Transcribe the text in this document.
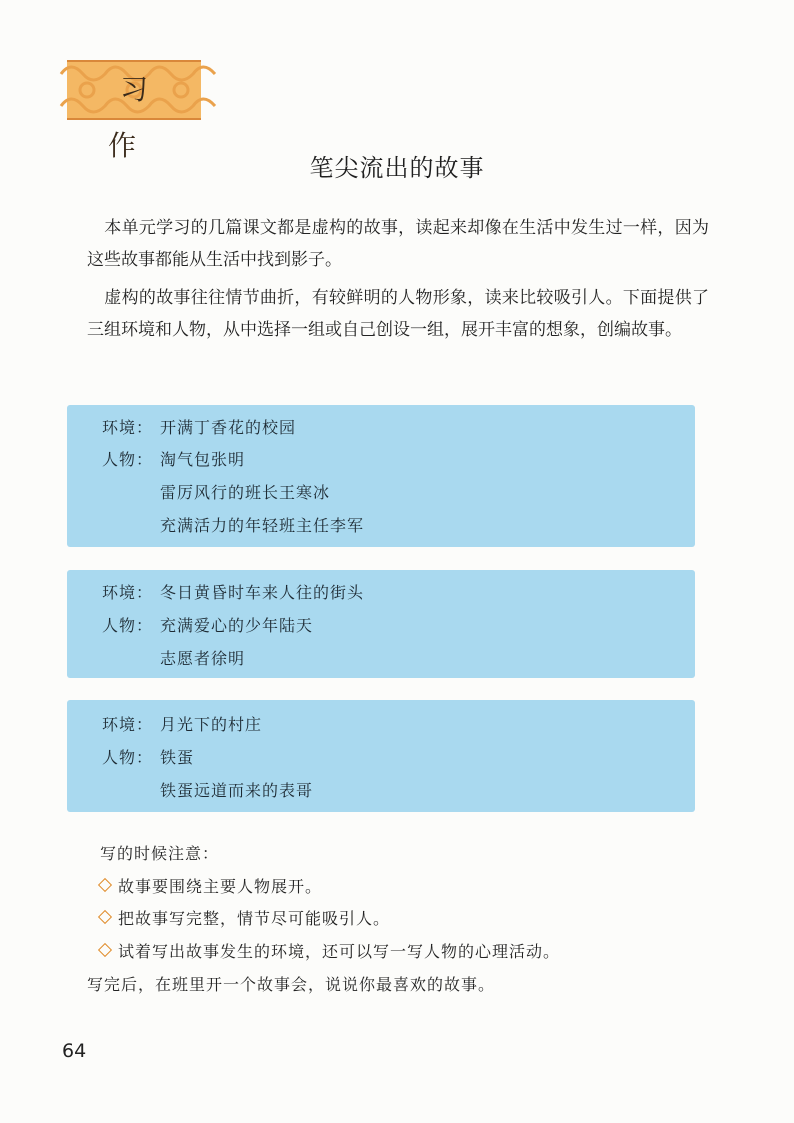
习 作
笔尖流出的故事
本单元学习的几篇课文都是虚构的故事，读起来却像在生活中发生过一样，因为这些故事都能从生活中找到影子。
虚构的故事往往情节曲折，有较鲜明的人物形象，读来比较吸引人。下面提供了三组环境和人物，从中选择一组或自己创设一组，展开丰富的想象，创编故事。
环境： 开满丁香花的校园
人物： 淘气包张明
雷厉风行的班长王寒冰
充满活力的年轻班主任李军
环境： 冬日黄昏时车来人往的街头
人物： 充满爱心的少年陆天
志愿者徐明
环境： 月光下的村庄
人物： 铁蛋
铁蛋远道而来的表哥
写的时候注意：
故事要围绕主要人物展开。
把故事写完整，情节尽可能吸引人。
试着写出故事发生的环境，还可以写一写人物的心理活动。
写完后，在班里开一个故事会，说说你最喜欢的故事。
64
